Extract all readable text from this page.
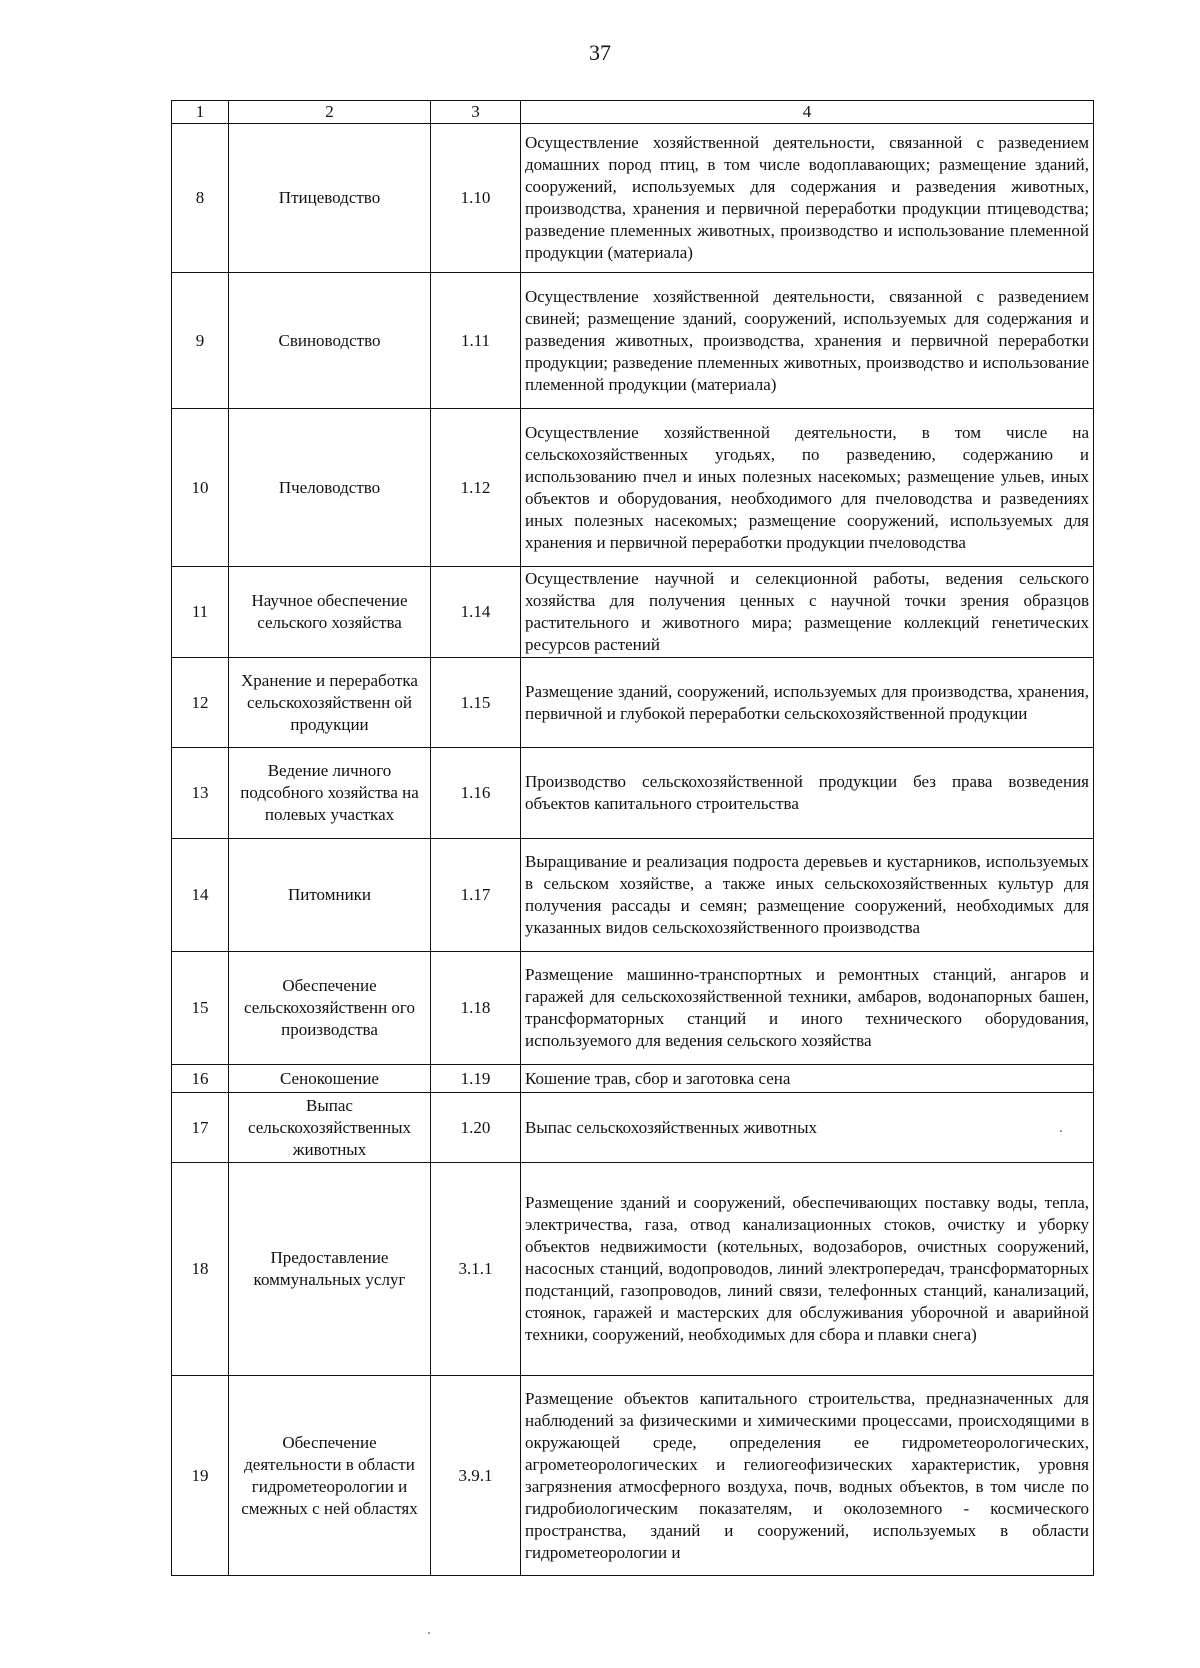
37
1	2	3	4
8	Птицеводство	1.10	Осуществление хозяйственной деятельности, связанной с разведением домашних пород птиц, в том числе водоплавающих; размещение зданий, сооружений, используемых для содержания и разведения животных, производства, хранения и первичной переработки продукции птицеводства; разведение племенных животных, производство и использование племенной продукции (материала)
9	Свиноводство	1.11	Осуществление хозяйственной деятельности, связанной с разведением свиней; размещение зданий, сооружений, используемых для содержания и разведения животных, производства, хранения и первичной переработки продукции; разведение племенных животных, производство и использование племенной продукции (материала)
10	Пчеловодство	1.12	Осуществление хозяйственной деятельности, в том числе на сельскохозяйственных угодьях, по разведению, содержанию и использованию пчел и иных полезных насекомых; размещение ульев, иных объектов и оборудования, необходимого для пчеловодства и разведениях иных полезных насекомых; размещение сооружений, используемых для хранения и первичной переработки продукции пчеловодства
11	Научное обеспечение сельского хозяйства	1.14	Осуществление научной и селекционной работы, ведения сельского хозяйства для получения ценных с научной точки зрения образцов растительного и животного мира; размещение коллекций генетических ресурсов растений
12	Хранение и переработка сельскохозяйственн ой продукции	1.15	Размещение зданий, сооружений, используемых для производства, хранения, первичной и глубокой переработки сельскохозяйственной продукции
13	Ведение личного подсобного хозяйства на полевых участках	1.16	Производство сельскохозяйственной продукции без права возведения объектов капитального строительства
14	Питомники	1.17	Выращивание и реализация подроста деревьев и кустарников, используемых в сельском хозяйстве, а также иных сельскохозяйственных культур для получения рассады и семян; размещение сооружений, необходимых для указанных видов сельскохозяйственного производства
15	Обеспечение сельскохозяйственн ого производства	1.18	Размещение машинно-транспортных и ремонтных станций, ангаров и гаражей для сельскохозяйственной техники, амбаров, водонапорных башен, трансформаторных станций и иного технического оборудования, используемого для ведения сельского хозяйства
16	Сенокошение	1.19	Кошение трав, сбор и заготовка сена
17	Выпас сельскохозяйственных животных	1.20	Выпас сельскохозяйственных животных
18	Предоставление коммунальных услуг	3.1.1	Размещение зданий и сооружений, обеспечивающих поставку воды, тепла, электричества, газа, отвод канализационных стоков, очистку и уборку объектов недвижимости (котельных, водозаборов, очистных сооружений, насосных станций, водопроводов, линий электропередач, трансформаторных подстанций, газопроводов, линий связи, телефонных станций, канализаций, стоянок, гаражей и мастерских для обслуживания уборочной и аварийной техники, сооружений, необходимых для сбора и плавки снега)
19	Обеспечение деятельности в области гидрометеорологии и смежных с ней областях	3.9.1	Размещение объектов капитального строительства, предназначенных для наблюдений за физическими и химическими процессами, происходящими в окружающей среде, определения ее гидрометеорологических, агрометеорологических и гелиогеофизических характеристик, уровня загрязнения атмосферного воздуха, почв, водных объектов, в том числе по гидробиологическим показателям, и околоземного - космического пространства, зданий и сооружений, используемых в области гидрометеорологии и
